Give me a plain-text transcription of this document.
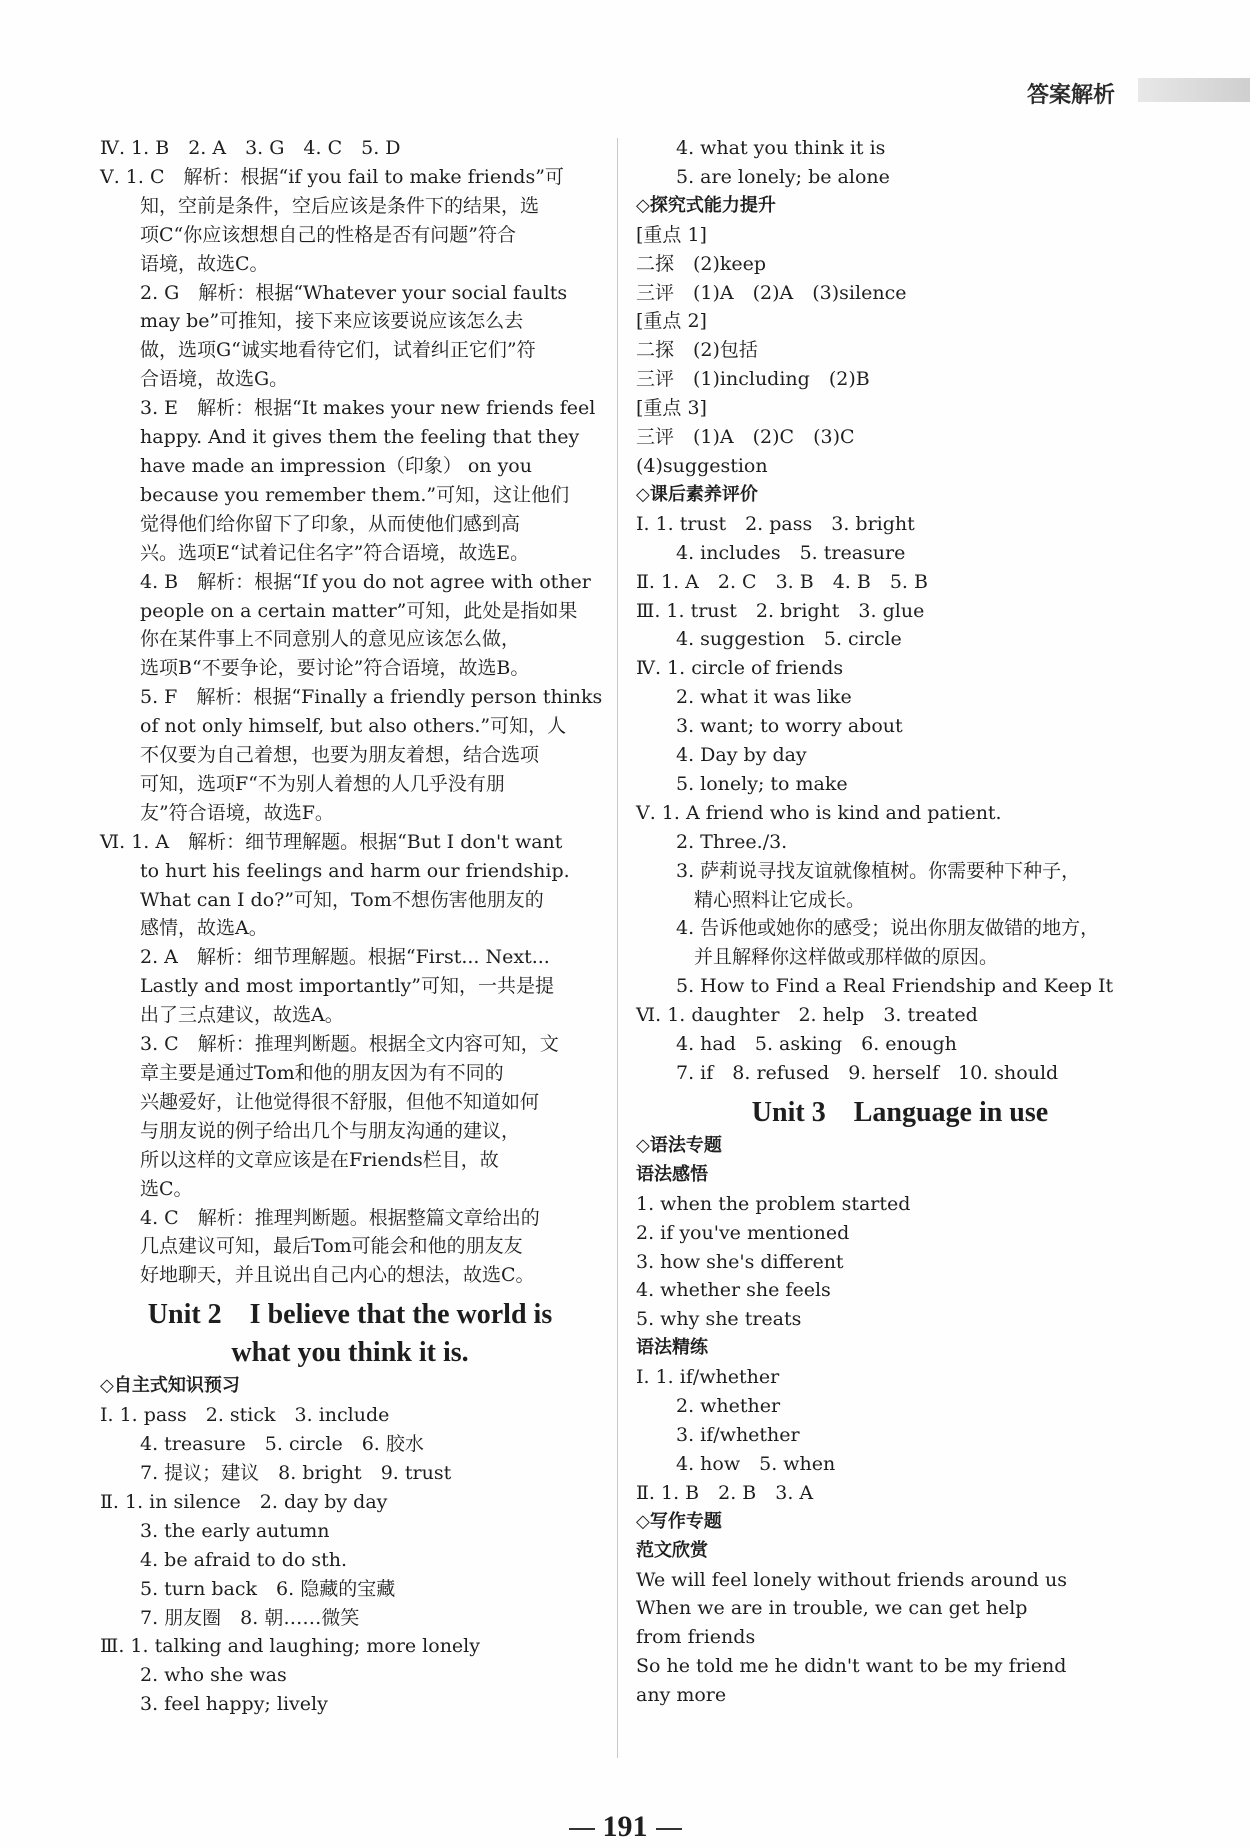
答案解析
Ⅳ. 1. B　2. A　3. G　4. C　5. D
Ⅴ. 1. C　解析：根据“if you fail to make friends”可
知，空前是条件，空后应该是条件下的结果，选
项C“你应该想想自己的性格是否有问题”符合
语境，故选C。
2. G　解析：根据“Whatever your social faults
may be”可推知，接下来应该要说应该怎么去
做，选项G“诚实地看待它们，试着纠正它们”符
合语境，故选G。
3. E　解析：根据“It makes your new friends feel
happy. And it gives them the feeling that they
have made an impression（印象） on you
because you remember them.”可知，这让他们
觉得他们给你留下了印象，从而使他们感到高
兴。选项E“试着记住名字”符合语境，故选E。
4. B　解析：根据“If you do not agree with other
people on a certain matter”可知，此处是指如果
你在某件事上不同意别人的意见应该怎么做，
选项B“不要争论，要讨论”符合语境，故选B。
5. F　解析：根据“Finally a friendly person thinks
of not only himself, but also others.”可知，人
不仅要为自己着想，也要为朋友着想，结合选项
可知，选项F“不为别人着想的人几乎没有朋
友”符合语境，故选F。
Ⅵ. 1. A　解析：细节理解题。根据“But I don't want
to hurt his feelings and harm our friendship.
What can I do?”可知，Tom不想伤害他朋友的
感情，故选A。
2. A　解析：细节理解题。根据“First... Next...
Lastly and most importantly”可知，一共是提
出了三点建议，故选A。
3. C　解析：推理判断题。根据全文内容可知，文
章主要是通过Tom和他的朋友因为有不同的
兴趣爱好，让他觉得很不舒服，但他不知道如何
与朋友说的例子给出几个与朋友沟通的建议，
所以这样的文章应该是在Friends栏目，故
选C。
4. C　解析：推理判断题。根据整篇文章给出的
几点建议可知，最后Tom可能会和他的朋友友
好地聊天，并且说出自己内心的想法，故选C。
Unit 2　I believe that the world is
what you think it is.
◇自主式知识预习
Ⅰ. 1. pass　2. stick　3. include
4. treasure　5. circle　6. 胶水
7. 提议；建议　8. bright　9. trust
Ⅱ. 1. in silence　2. day by day
3. the early autumn
4. be afraid to do sth.
5. turn back　6. 隐藏的宝藏
7. 朋友圈　8. 朝……微笑
Ⅲ. 1. talking and laughing; more lonely
2. who she was
3. feel happy; lively
4. what you think it is
5. are lonely; be alone
◇探究式能力提升
[重点 1]
二探　(2)keep
三评　(1)A　(2)A　(3)silence
[重点 2]
二探　(2)包括
三评　(1)including　(2)B
[重点 3]
三评　(1)A　(2)C　(3)C
(4)suggestion
◇课后素养评价
Ⅰ. 1. trust　2. pass　3. bright
4. includes　5. treasure
Ⅱ. 1. A　2. C　3. B　4. B　5. B
Ⅲ. 1. trust　2. bright　3. glue
4. suggestion　5. circle
Ⅳ. 1. circle of friends
2. what it was like
3. want; to worry about
4. Day by day
5. lonely; to make
Ⅴ. 1. A friend who is kind and patient.
2. Three./3.
3. 萨莉说寻找友谊就像植树。你需要种下种子，
精心照料让它成长。
4. 告诉他或她你的感受；说出你朋友做错的地方，
并且解释你这样做或那样做的原因。
5. How to Find a Real Friendship and Keep It
Ⅵ. 1. daughter　2. help　3. treated
4. had　5. asking　6. enough
7. if　8. refused　9. herself　10. should
Unit 3　Language in use
◇语法专题
语法感悟
1. when the problem started
2. if you've mentioned
3. how she's different
4. whether she feels
5. why she treats
语法精练
Ⅰ. 1. if/whether
2. whether
3. if/whether
4. how　5. when
Ⅱ. 1. B　2. B　3. A
◇写作专题
范文欣赏
We will feel lonely without friends around us
When we are in trouble, we can get help
from friends
So he told me he didn't want to be my friend
any more
191
